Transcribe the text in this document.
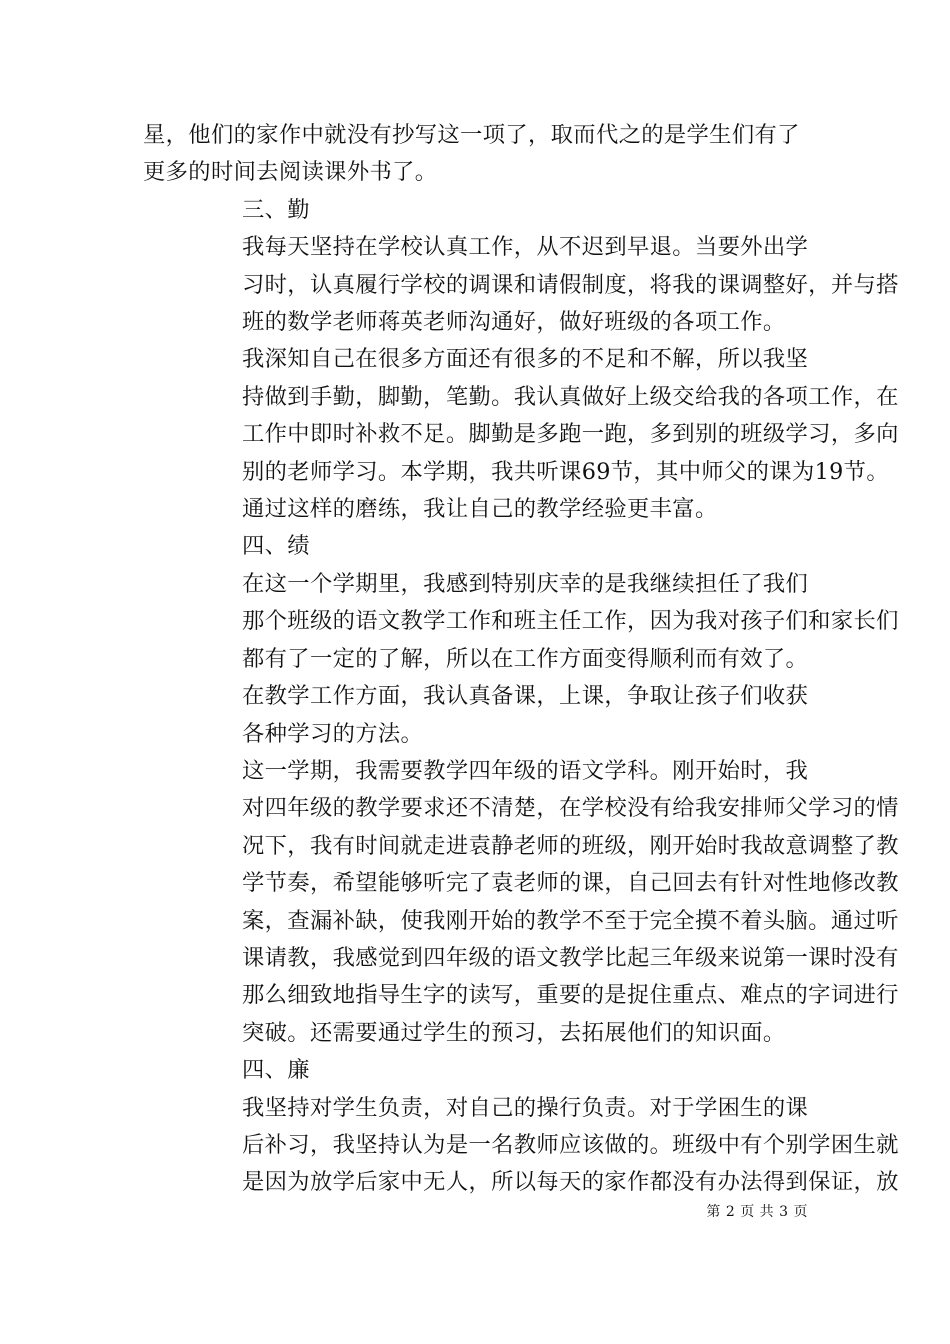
星，他们的家作中就没有抄写这一项了，取而代之的是学生们有了
更多的时间去阅读课外书了。

三、勤

我每天坚持在学校认真工作，从不迟到早退。当要外出学
习时，认真履行学校的调课和请假制度，将我的课调整好，并与搭
班的数学老师蒋英老师沟通好，做好班级的各项工作。

我深知自己在很多方面还有很多的不足和不解，所以我坚
持做到手勤，脚勤，笔勤。我认真做好上级交给我的各项工作，在
工作中即时补救不足。脚勤是多跑一跑，多到别的班级学习，多向
别的老师学习。本学期，我共听课69节，其中师父的课为19节。
通过这样的磨练，我让自己的教学经验更丰富。

四、绩

在这一个学期里，我感到特别庆幸的是我继续担任了我们
那个班级的语文教学工作和班主任工作，因为我对孩子们和家长们
都有了一定的了解，所以在工作方面变得顺利而有效了。

在教学工作方面，我认真备课，上课，争取让孩子们收获
各种学习的方法。

这一学期，我需要教学四年级的语文学科。刚开始时，我
对四年级的教学要求还不清楚，在学校没有给我安排师父学习的情
况下，我有时间就走进袁静老师的班级，刚开始时我故意调整了教
学节奏，希望能够听完了袁老师的课，自己回去有针对性地修改教
案，查漏补缺，使我刚开始的教学不至于完全摸不着头脑。通过听
课请教，我感觉到四年级的语文教学比起三年级来说第一课时没有
那么细致地指导生字的读写，重要的是捉住重点、难点的字词进行
突破。还需要通过学生的预习，去拓展他们的知识面。

四、廉

我坚持对学生负责，对自己的操行负责。对于学困生的课
后补习，我坚持认为是一名教师应该做的。班级中有个别学困生就
是因为放学后家中无人，所以每天的家作都没有办法得到保证，放

第 2 页 共 3 页
